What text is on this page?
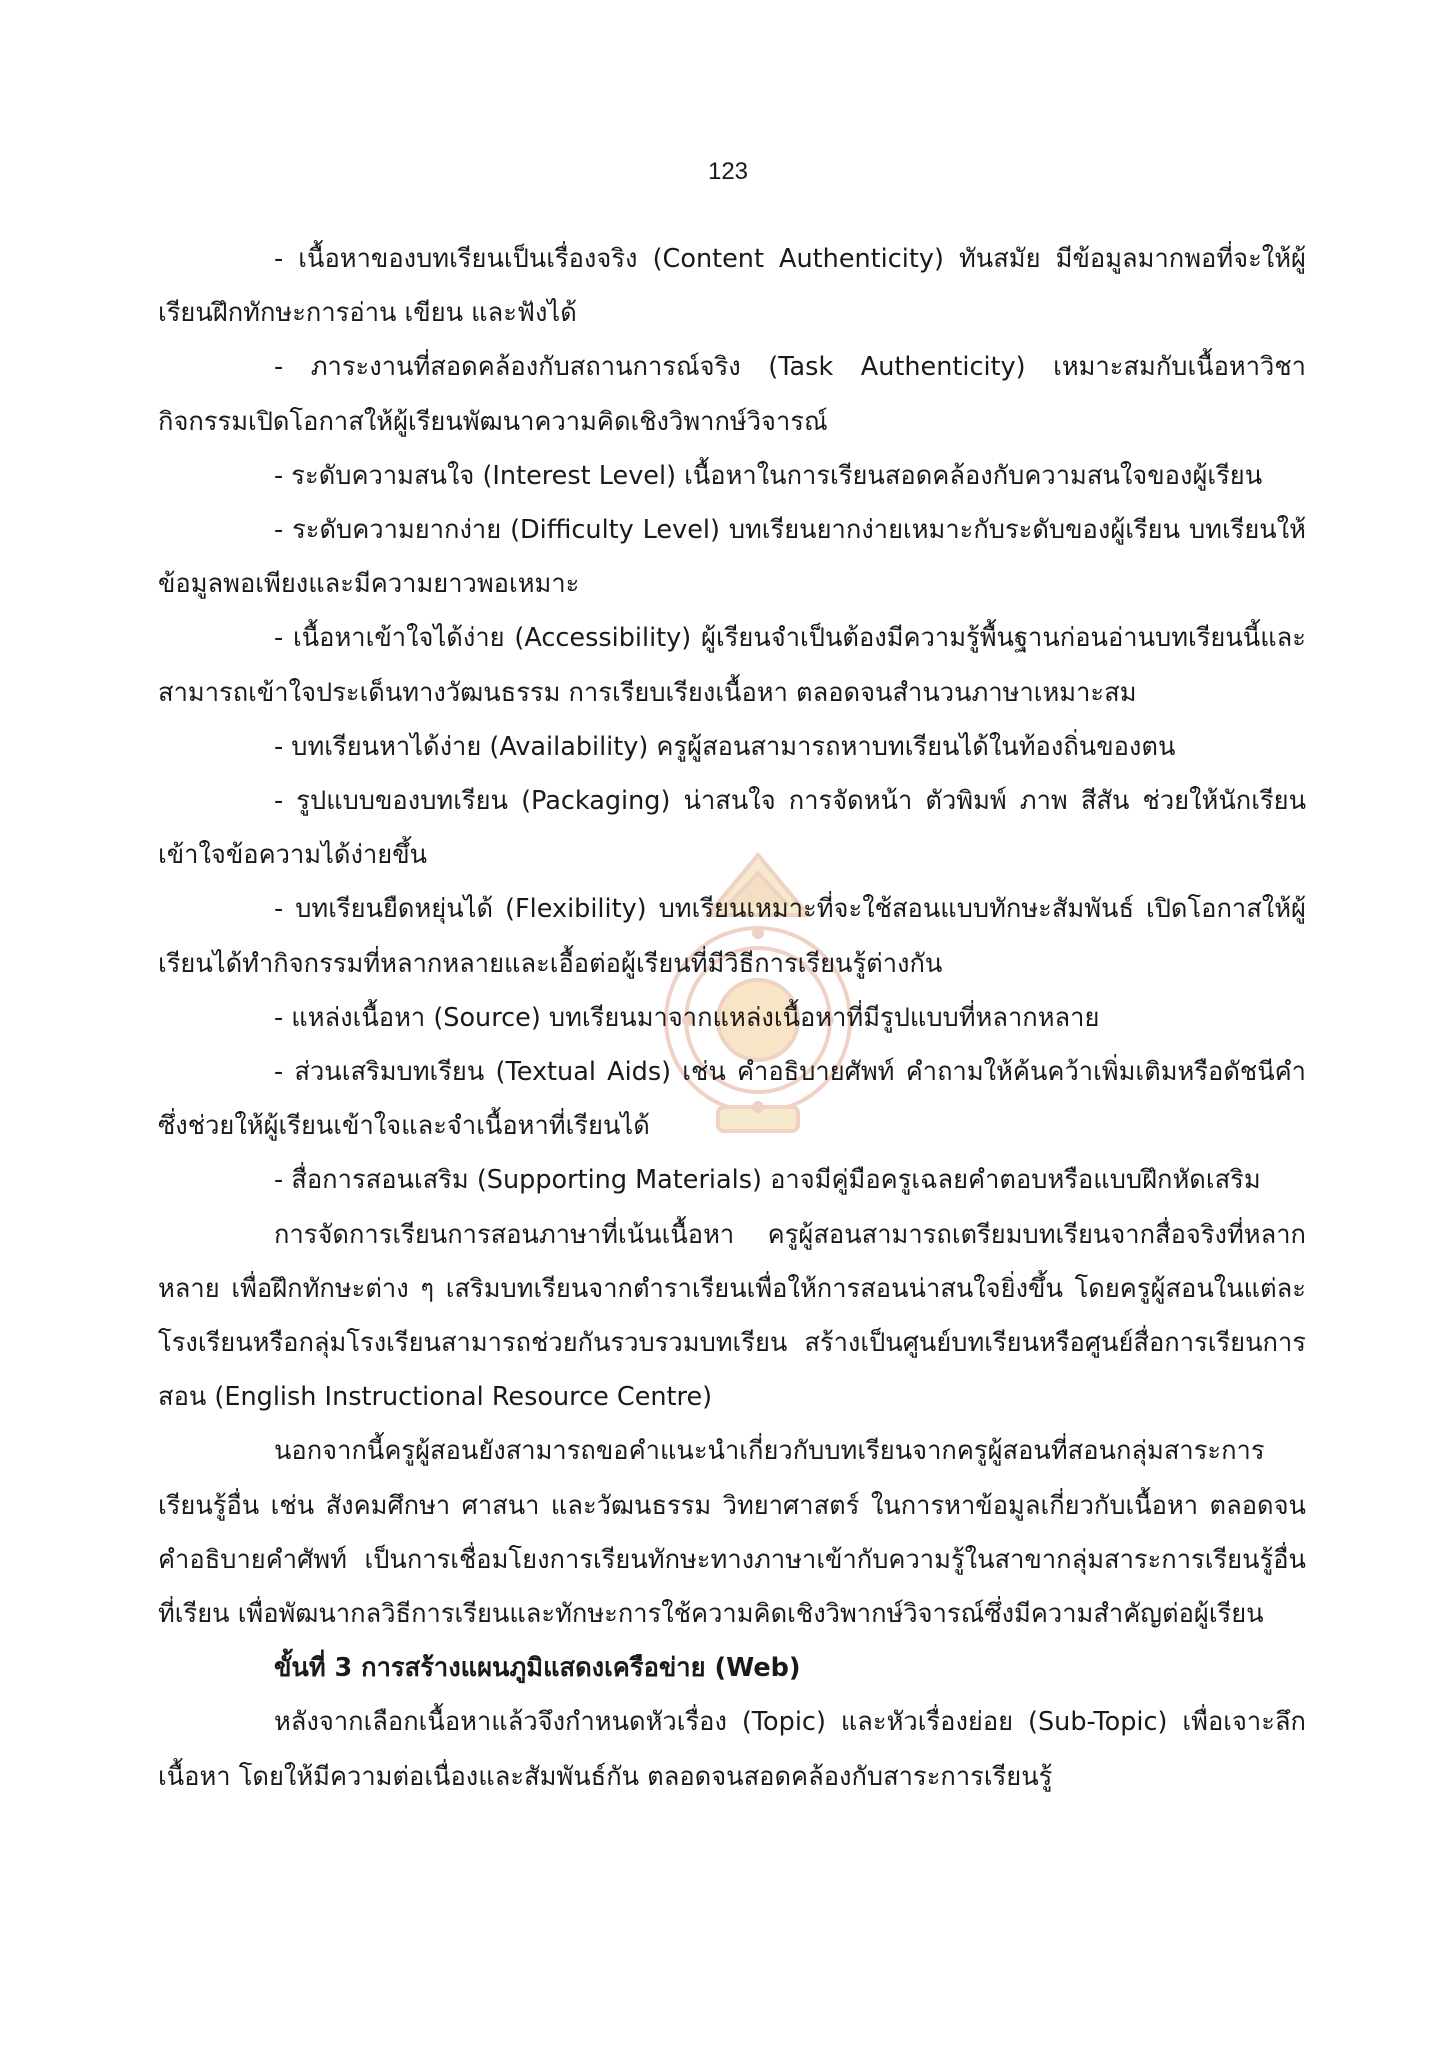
123

- เนื้อหาของบทเรียนเป็นเรื่องจริง (Content Authenticity) ทันสมัย มีข้อมูลมากพอที่จะให้ผู้เรียนฝึกทักษะการอ่าน เขียน และฟังได้

- ภาระงานที่สอดคล้องกับสถานการณ์จริง (Task Authenticity) เหมาะสมกับเนื้อหาวิชากิจกรรมเปิดโอกาสให้ผู้เรียนพัฒนาความคิดเชิงวิพากษ์วิจารณ์

- ระดับความสนใจ (Interest Level) เนื้อหาในการเรียนสอดคล้องกับความสนใจของผู้เรียน

- ระดับความยากง่าย (Difficulty Level) บทเรียนยากง่ายเหมาะกับระดับของผู้เรียน บทเรียนให้ข้อมูลพอเพียงและมีความยาวพอเหมาะ

- เนื้อหาเข้าใจได้ง่าย (Accessibility) ผู้เรียนจำเป็นต้องมีความรู้พื้นฐานก่อนอ่านบทเรียนนี้และสามารถเข้าใจประเด็นทางวัฒนธรรม การเรียบเรียงเนื้อหา ตลอดจนสำนวนภาษาเหมาะสม

- บทเรียนหาได้ง่าย (Availability) ครูผู้สอนสามารถหาบทเรียนได้ในท้องถิ่นของตน

- รูปแบบของบทเรียน (Packaging) น่าสนใจ การจัดหน้า ตัวพิมพ์ ภาพ สีสัน ช่วยให้นักเรียนเข้าใจข้อความได้ง่ายขึ้น

- บทเรียนยืดหยุ่นได้ (Flexibility) บทเรียนเหมาะที่จะใช้สอนแบบทักษะสัมพันธ์ เปิดโอกาสให้ผู้เรียนได้ทำกิจกรรมที่หลากหลายและเอื้อต่อผู้เรียนที่มีวิธีการเรียนรู้ต่างกัน

- แหล่งเนื้อหา (Source) บทเรียนมาจากแหล่งเนื้อหาที่มีรูปแบบที่หลากหลาย

- ส่วนเสริมบทเรียน (Textual Aids) เช่น คำอธิบายศัพท์ คำถามให้ค้นคว้าเพิ่มเติมหรือดัชนีคำ ซึ่งช่วยให้ผู้เรียนเข้าใจและจำเนื้อหาที่เรียนได้

- สื่อการสอนเสริม (Supporting Materials) อาจมีคู่มือครูเฉลยคำตอบหรือแบบฝึกหัดเสริม

การจัดการเรียนการสอนภาษาที่เน้นเนื้อหา ครูผู้สอนสามารถเตรียมบทเรียนจากสื่อจริงที่หลากหลาย เพื่อฝึกทักษะต่าง ๆ เสริมบทเรียนจากตำราเรียนเพื่อให้การสอนน่าสนใจยิ่งขึ้น โดยครูผู้สอนในแต่ละโรงเรียนหรือกลุ่มโรงเรียนสามารถช่วยกันรวบรวมบทเรียน สร้างเป็นศูนย์บทเรียนหรือศูนย์สื่อการเรียนการสอน (English Instructional Resource Centre)

นอกจากนี้ครูผู้สอนยังสามารถขอคำแนะนำเกี่ยวกับบทเรียนจากครูผู้สอนที่สอนกลุ่มสาระการเรียนรู้อื่น เช่น สังคมศึกษา ศาสนา และวัฒนธรรม วิทยาศาสตร์ ในการหาข้อมูลเกี่ยวกับเนื้อหา ตลอดจนคำอธิบายคำศัพท์ เป็นการเชื่อมโยงการเรียนทักษะทางภาษาเข้ากับความรู้ในสาขากลุ่มสาระการเรียนรู้อื่นที่เรียน เพื่อพัฒนากลวิธีการเรียนและทักษะการใช้ความคิดเชิงวิพากษ์วิจารณ์ซึ่งมีความสำคัญต่อผู้เรียน

ขั้นที่ 3 การสร้างแผนภูมิแสดงเครือข่าย (Web)

หลังจากเลือกเนื้อหาแล้วจึงกำหนดหัวเรื่อง (Topic) และหัวเรื่องย่อย (Sub-Topic) เพื่อเจาะลึกเนื้อหา โดยให้มีความต่อเนื่องและสัมพันธ์กัน ตลอดจนสอดคล้องกับสาระการเรียนรู้
